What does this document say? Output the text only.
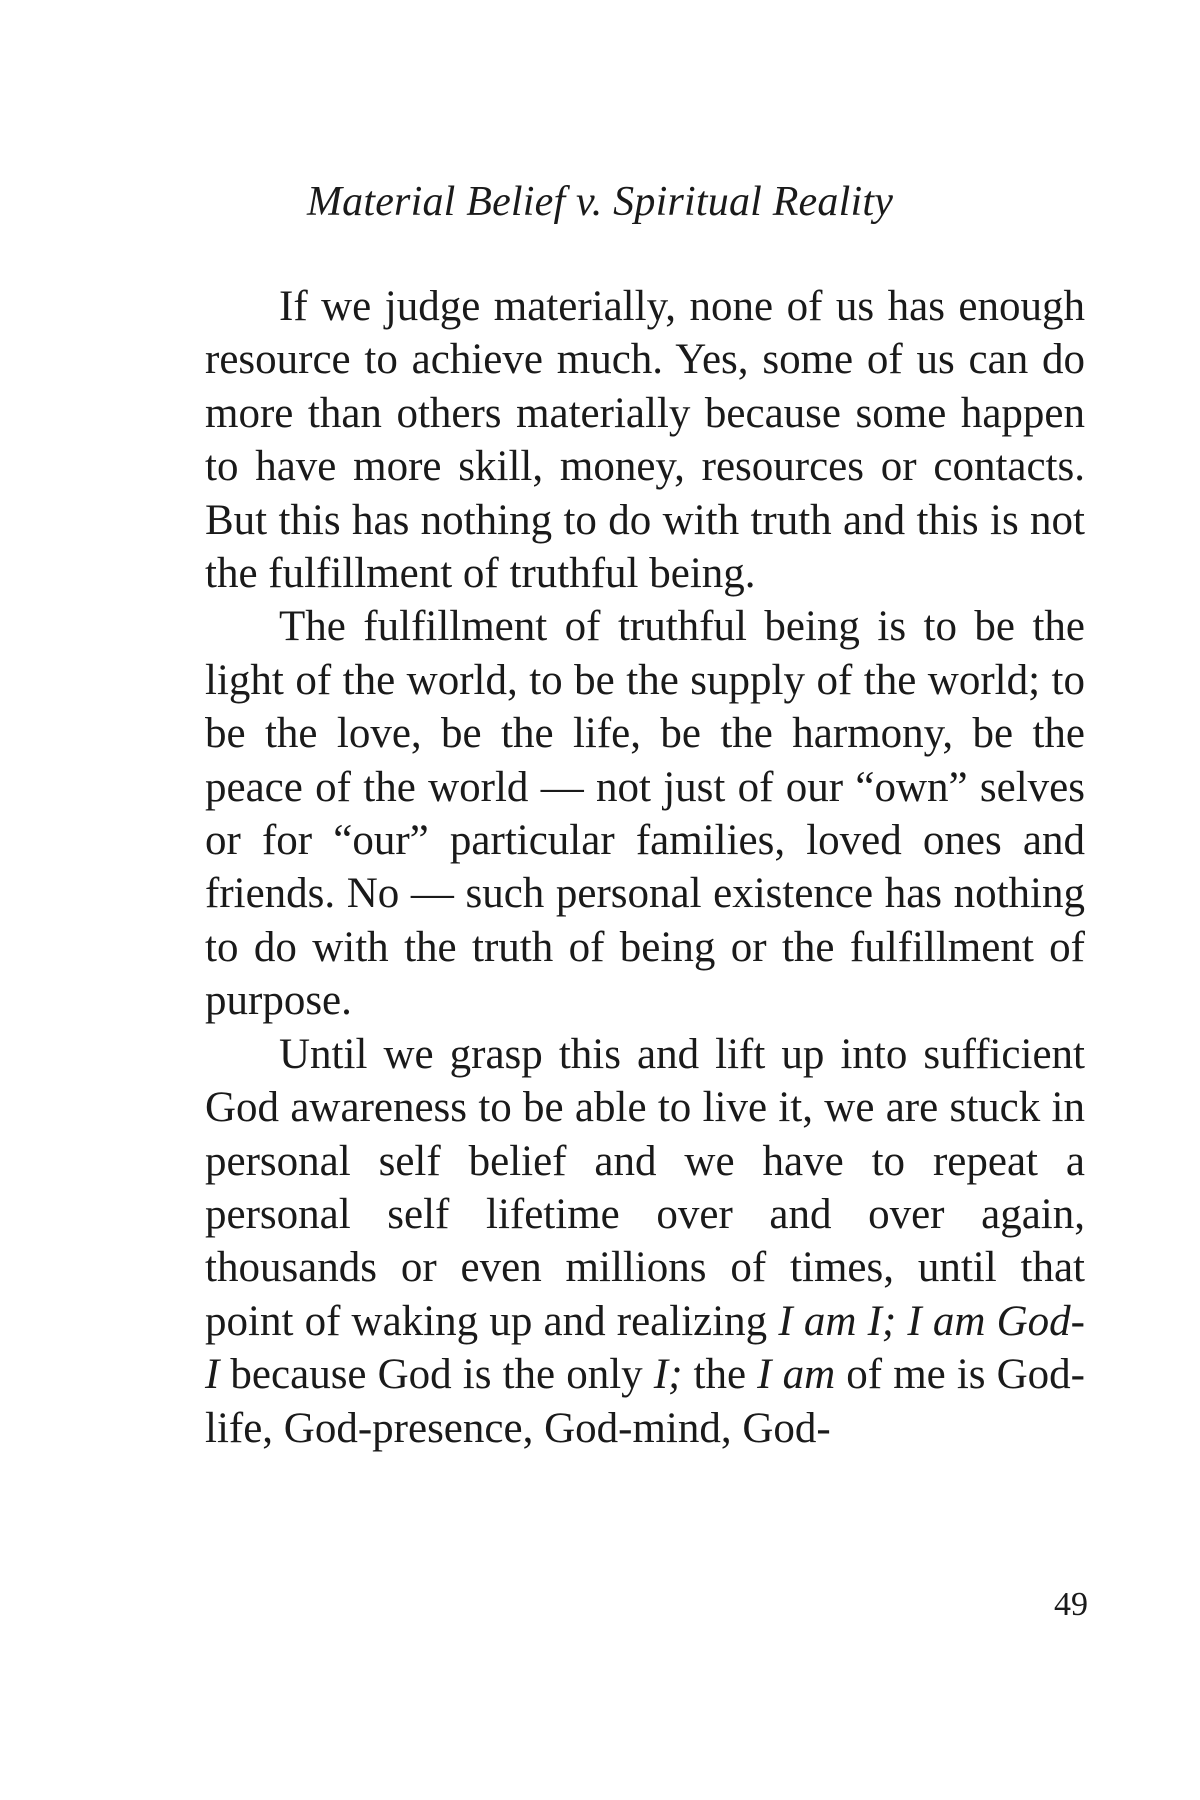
Material Belief v. Spiritual Reality

If we judge materially, none of us has enough resource to achieve much. Yes, some of us can do more than others materially because some happen to have more skill, money, resources or contacts. But this has nothing to do with truth and this is not the fulfillment of truthful being.

The fulfillment of truthful being is to be the light of the world, to be the supply of the world; to be the love, be the life, be the harmony, be the peace of the world — not just of our “own” selves or for “our” particular families, loved ones and friends. No — such personal existence has nothing to do with the truth of being or the fulfillment of purpose.

Until we grasp this and lift up into sufficient God awareness to be able to live it, we are stuck in personal self belief and we have to repeat a personal self lifetime over and over again, thousands or even millions of times, until that point of waking up and realizing I am I; I am God-I because God is the only I; the I am of me is God-life, God-presence, God-mind, God-

49
